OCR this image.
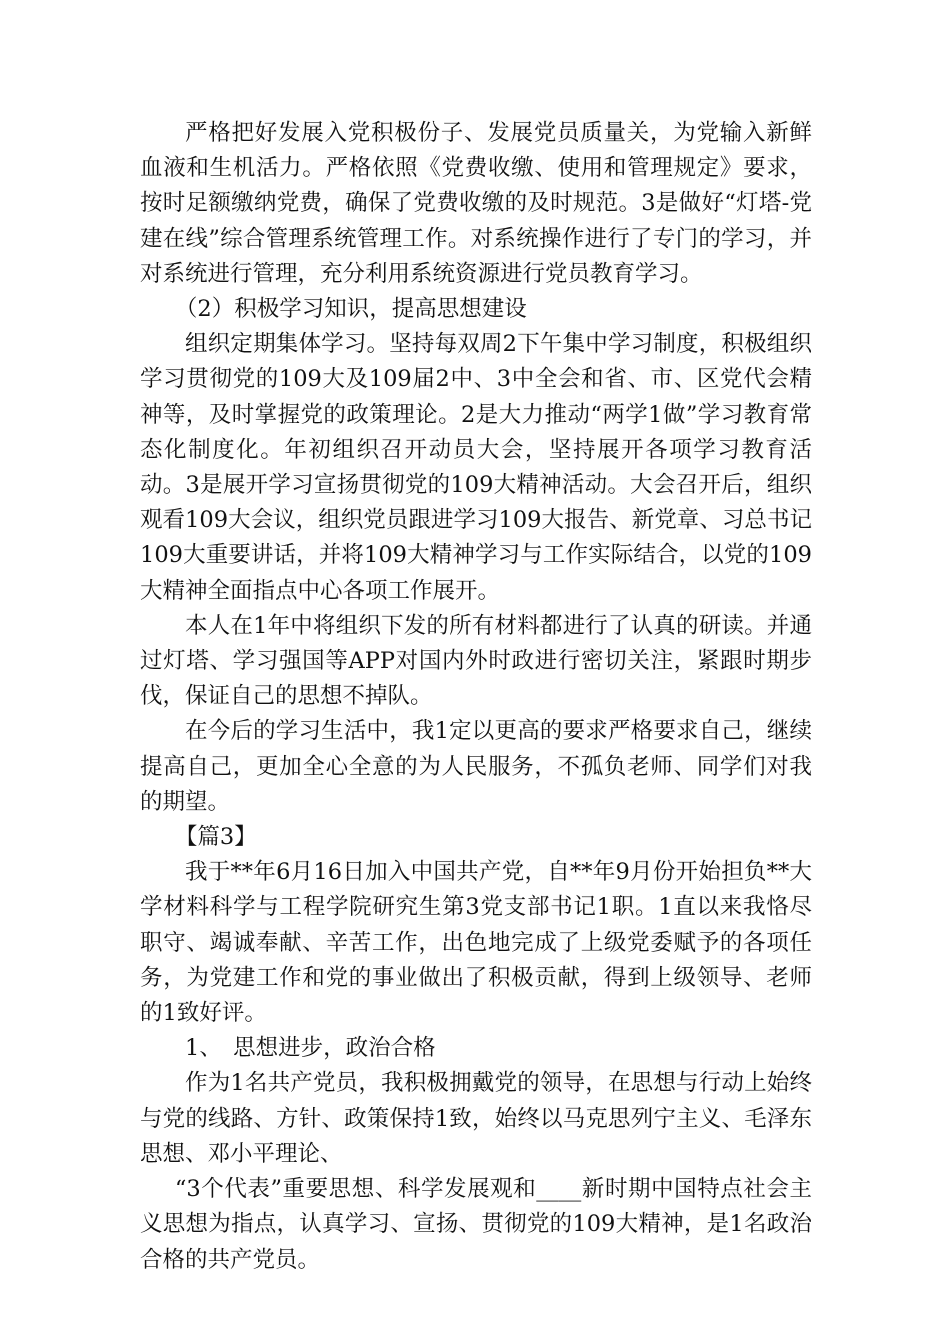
严格把好发展入党积极份子、发展党员质量关，为党输入新鲜血液和生机活力。严格依照《党费收缴、使用和管理规定》要求，按时足额缴纳党费，确保了党费收缴的及时规范。3是做好“灯塔-党建在线”综合管理系统管理工作。对系统操作进行了专门的学习，并对系统进行管理，充分利用系统资源进行党员教育学习。

（2）积极学习知识，提高思想建设

组织定期集体学习。坚持每双周2下午集中学习制度，积极组织学习贯彻党的109大及109届2中、3中全会和省、市、区党代会精神等，及时掌握党的政策理论。2是大力推动“两学1做”学习教育常态化制度化。年初组织召开动员大会，坚持展开各项学习教育活动。3是展开学习宣扬贯彻党的109大精神活动。大会召开后，组织观看109大会议，组织党员跟进学习109大报告、新党章、习总书记109大重要讲话，并将109大精神学习与工作实际结合，以党的109大精神全面指点中心各项工作展开。

本人在1年中将组织下发的所有材料都进行了认真的研读。并通过灯塔、学习强国等APP对国内外时政进行密切关注，紧跟时期步伐，保证自己的思想不掉队。

在今后的学习生活中，我1定以更高的要求严格要求自己，继续提高自己，更加全心全意的为人民服务，不孤负老师、同学们对我的期望。

【篇3】

我于**年6月16日加入中国共产党，自**年9月份开始担负**大学材料科学与工程学院研究生第3党支部书记1职。1直以来我恪尽职守、竭诚奉献、辛苦工作，出色地完成了上级党委赋予的各项任务，为党建工作和党的事业做出了积极贡献，得到上级领导、老师的1致好评。

1、　思想进步，政治合格

作为1名共产党员，我积极拥戴党的领导，在思想与行动上始终与党的线路、方针、政策保持1致，始终以马克思列宁主义、毛泽东思想、邓小平理论、

“3个代表”重要思想、科学发展观和____新时期中国特点社会主义思想为指点，认真学习、宣扬、贯彻党的109大精神，是1名政治合格的共产党员。
